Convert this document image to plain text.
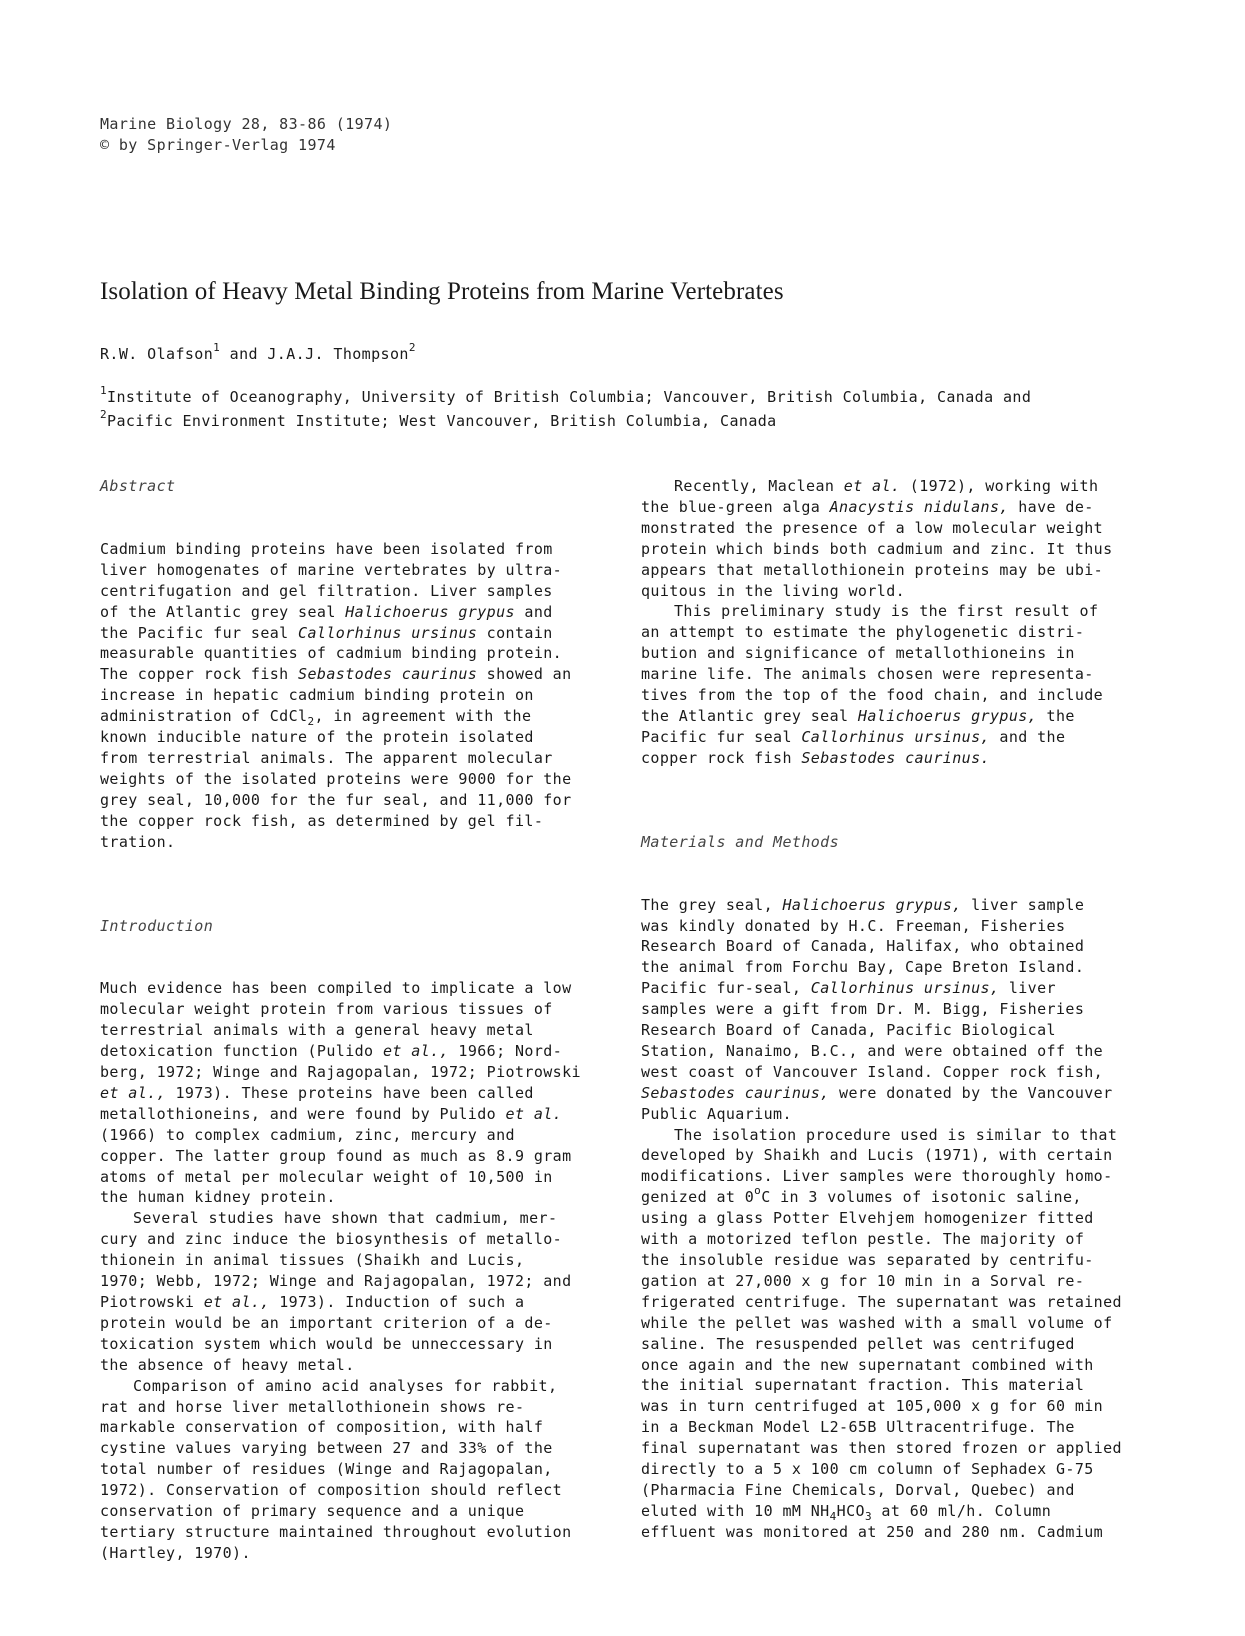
Marine Biology 28, 83-86 (1974)
© by Springer-Verlag 1974
Isolation of Heavy Metal Binding Proteins from Marine Vertebrates
R.W. Olafson$^1$ and J.A.J. Thompson$^2$
$^1$Institute of Oceanography, University of British Columbia; Vancouver, British Columbia, Canada and
$^2$Pacific Environment Institute; West Vancouver, British Columbia, Canada

Abstract

Cadmium binding proteins have been isolated from
liver homogenates of marine vertebrates by ultra-
centrifugation and gel filtration. Liver samples
of the Atlantic grey seal Halichoerus grypus and
the Pacific fur seal Callorhinus ursinus contain
measurable quantities of cadmium binding protein.
The copper rock fish Sebastodes caurinus showed an
increase in hepatic cadmium binding protein on
administration of CdCl$_2$, in agreement with the
known inducible nature of the protein isolated
from terrestrial animals. The apparent molecular
weights of the isolated proteins were 9000 for the
grey seal, 10,000 for the fur seal, and 11,000 for
the copper rock fish, as determined by gel fil-
tration.

Introduction

Much evidence has been compiled to implicate a low
molecular weight protein from various tissues of
terrestrial animals with a general heavy metal
detoxication function (Pulido et al., 1966; Nord-
berg, 1972; Winge and Rajagopalan, 1972; Piotrowski
et al., 1973). These proteins have been called
metallothioneins, and were found by Pulido et al.
(1966) to complex cadmium, zinc, mercury and
copper. The latter group found as much as 8.9 gram
atoms of metal per molecular weight of 10,500 in
the human kidney protein.

Several studies have shown that cadmium, mer-
cury and zinc induce the biosynthesis of metallo-
thionein in animal tissues (Shaikh and Lucis,
1970; Webb, 1972; Winge and Rajagopalan, 1972; and
Piotrowski et al., 1973). Induction of such a
protein would be an important criterion of a de-
toxication system which would be unneccessary in
the absence of heavy metal.

Comparison of amino acid analyses for rabbit,
rat and horse liver metallothionein shows re-
markable conservation of composition, with half
cystine values varying between 27 and 33% of the
total number of residues (Winge and Rajagopalan,
1972). Conservation of composition should reflect
conservation of primary sequence and a unique
tertiary structure maintained throughout evolution
(Hartley, 1970).

Recently, Maclean et al. (1972), working with
the blue-green alga Anacystis nidulans, have de-
monstrated the presence of a low molecular weight
protein which binds both cadmium and zinc. It thus
appears that metallothionein proteins may be ubi-
quitous in the living world.

This preliminary study is the first result of
an attempt to estimate the phylogenetic distri-
bution and significance of metallothioneins in
marine life. The animals chosen were representa-
tives from the top of the food chain, and include
the Atlantic grey seal Halichoerus grypus, the
Pacific fur seal Callorhinus ursinus, and the
copper rock fish Sebastodes caurinus.

Materials and Methods

The grey seal, Halichoerus grypus, liver sample
was kindly donated by H.C. Freeman, Fisheries
Research Board of Canada, Halifax, who obtained
the animal from Forchu Bay, Cape Breton Island.
Pacific fur-seal, Callorhinus ursinus, liver
samples were a gift from Dr. M. Bigg, Fisheries
Research Board of Canada, Pacific Biological
Station, Nanaimo, B.C., and were obtained off the
west coast of Vancouver Island. Copper rock fish,
Sebastodes caurinus, were donated by the Vancouver
Public Aquarium.

The isolation procedure used is similar to that
developed by Shaikh and Lucis (1971), with certain
modifications. Liver samples were thoroughly homo-
genized at 0$^o$C in 3 volumes of isotonic saline,
using a glass Potter Elvehjem homogenizer fitted
with a motorized teflon pestle. The majority of
the insoluble residue was separated by centrifu-
gation at 27,000 x g for 10 min in a Sorval re-
frigerated centrifuge. The supernatant was retained
while the pellet was washed with a small volume of
saline. The resuspended pellet was centrifuged
once again and the new supernatant combined with
the initial supernatant fraction. This material
was in turn centrifuged at 105,000 x g for 60 min
in a Beckman Model L2-65B Ultracentrifuge. The
final supernatant was then stored frozen or applied
directly to a 5 x 100 cm column of Sephadex G-75
(Pharmacia Fine Chemicals, Dorval, Quebec) and
eluted with 10 mM $NH_4HCO_3$ at 60 ml/h. Column
effluent was monitored at 250 and 280 nm. Cadmium
